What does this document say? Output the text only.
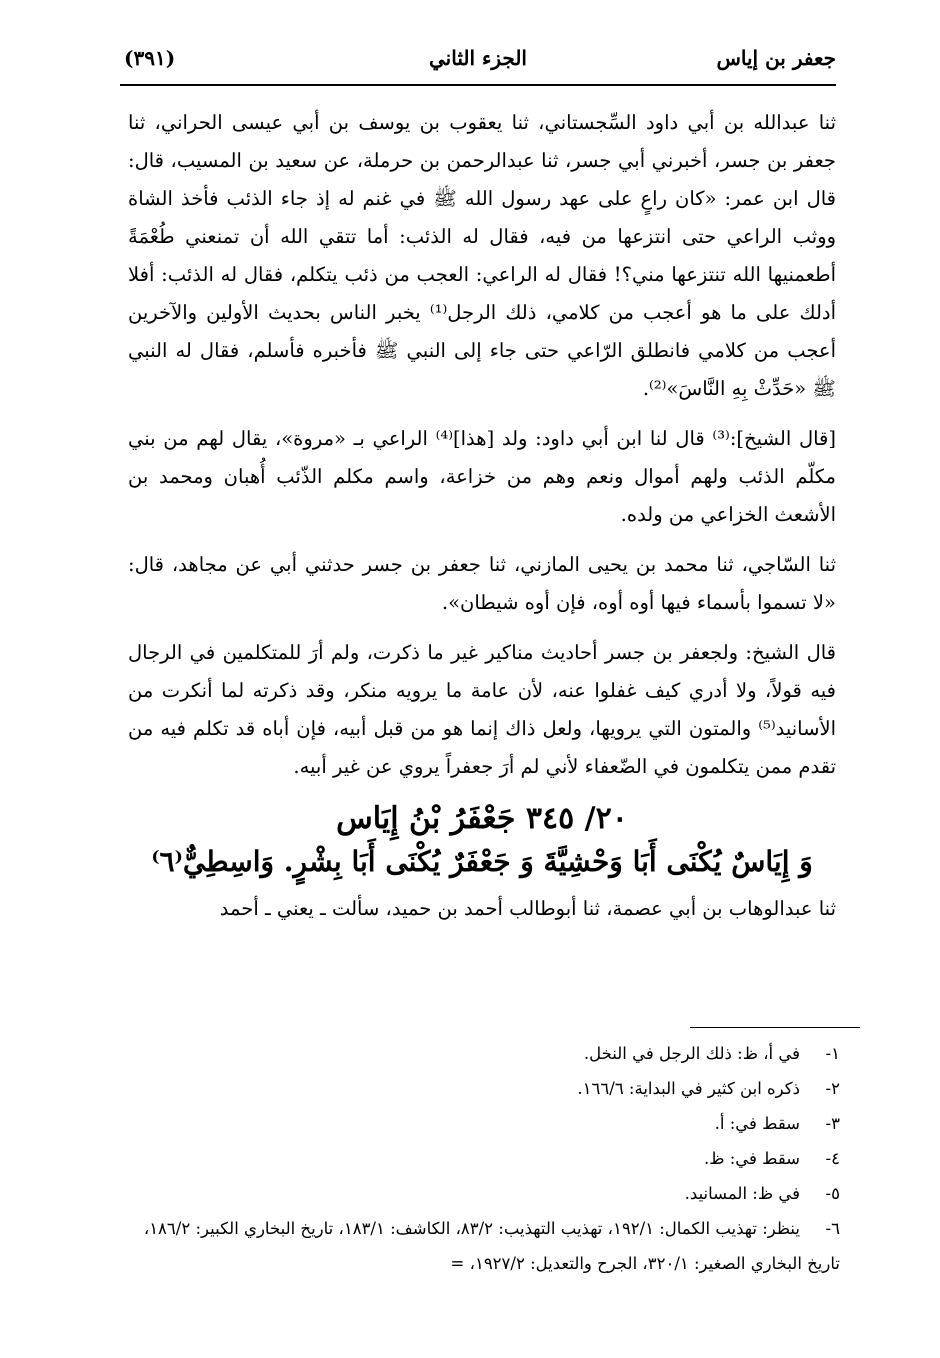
جعفر بن إياس
الجزء الثاني
(٣٩١)

ثنا عبدالله بن أبي داود السِّجستاني، ثنا يعقوب بن يوسف بن أبي عيسى الحراني، ثنا جعفر بن جسر، أخبرني أبي جسر، ثنا عبدالرحمن بن حرملة، عن سعيد بن المسيب، قال: قال ابن عمر: «كان راعٍ على عهد رسول الله ﷺ في غنم له إذ جاء الذئب فأخذ الشاة ووثب الراعي حتى انتزعها من فيه، فقال له الذئب: أما تتقي الله أن تمنعني طُعْمَةً أطعمنيها الله تنتزعها مني؟! فقال له الراعي: العجب من ذئب يتكلم، فقال له الذئب: أفلا أدلك على ما هو أعجب من كلامي، ذلك الرجل⁽¹⁾ يخبر الناس بحديث الأولين والآخرين أعجب من كلامي فانطلق الرّاعي حتى جاء إلى النبي ﷺ فأخبره فأسلم، فقال له النبي ﷺ «حَدِّثْ بِهِ النَّاسَ»⁽²⁾.

[قال الشيخ]:⁽³⁾ قال لنا ابن أبي داود: ولد [هذا]⁽⁴⁾ الراعي بـ «مروة»، يقال لهم من بني مكلّم الذئب ولهم أموال ونعم وهم من خزاعة، واسم مكلم الذّئب أُهبان ومحمد بن الأشعث الخزاعي من ولده.

ثنا السّاجي، ثنا محمد بن يحيى المازني، ثنا جعفر بن جسر حدثني أبي عن مجاهد، قال: «لا تسموا بأسماء فيها أوه أوه، فإن أوه شيطان».

قال الشيخ: ولجعفر بن جسر أحاديث مناكير غير ما ذكرت، ولم أرَ للمتكلمين في الرجال فيه قولاً، ولا أدري كيف غفلوا عنه، لأن عامة ما يرويه منكر، وقد ذكرته لما أنكرت من الأسانيد⁽⁵⁾ والمتون التي يرويها، ولعل ذاك إنما هو من قبل أبيه، فإن أباه قد تكلم فيه من تقدم ممن يتكلمون في الضّعفاء لأني لم أرَ جعفراً يروي عن غير أبيه.

٢٠/ ٣٤٥ جَعْفَرُ بْنُ إِيَاس
وَ إِيَاسٌ يُكْنَى أَبَا وَحْشِيَّةَ وَ جَعْفَرٌ يُكْنَى أَبَا بِشْرٍ. وَاسِطِيٌّ⁽٦⁾

ثنا عبدالوهاب بن أبي عصمة، ثنا أبوطالب أحمد بن حميد، سألت ـ يعني ـ أحمد

١-في أ، ظ: ذلك الرجل في النخل.

٢-ذكره ابن كثير في البداية: ١٦٦/٦.

٣-سقط في: أ.

٤-سقط في: ظ.

٥-في ظ: المسانيد.

٦-ينظر: تهذيب الكمال: ١٩٢/١، تهذيب التهذيب: ٨٣/٢، الكاشف: ١٨٣/١، تاريخ البخاري الكبير: ١٨٦/٢، تاريخ البخاري الصغير: ٣٢٠/١، الجرح والتعديل: ١٩٢٧/٢، =
